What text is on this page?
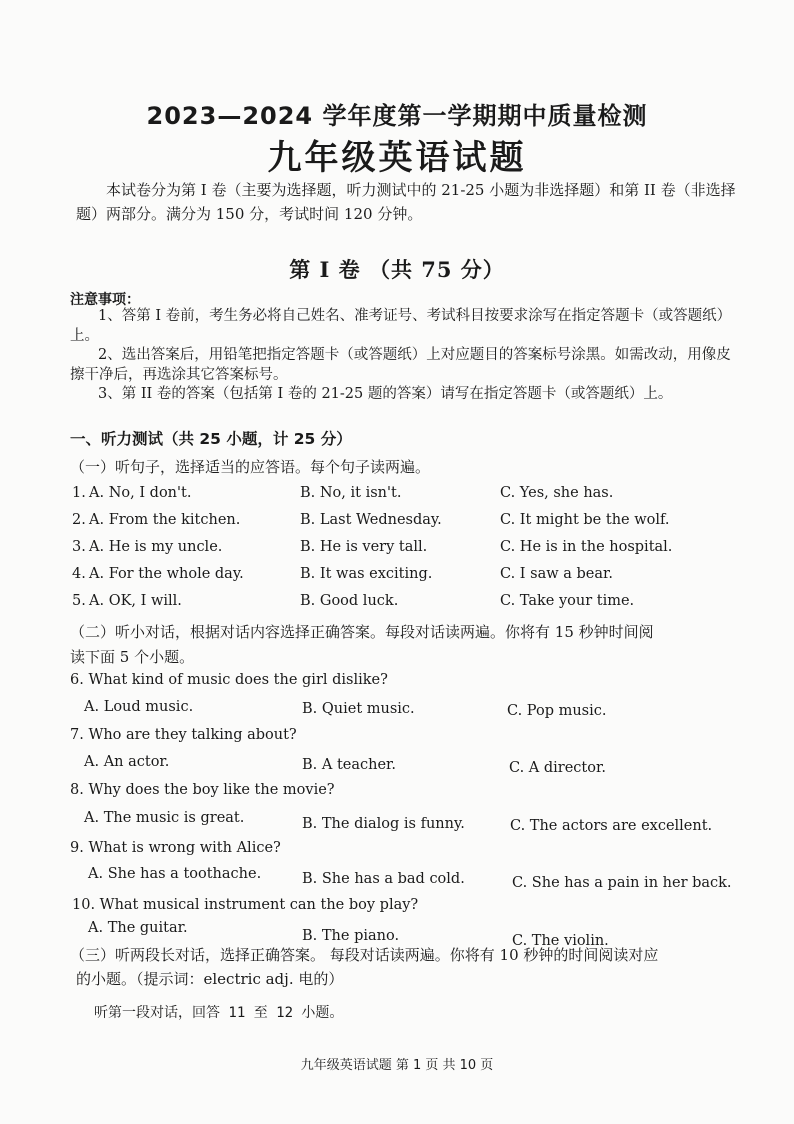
2023—2024 学年度第一学期期中质量检测
九年级英语试题
本试卷分为第 I 卷（主要为选择题，听力测试中的 21-25 小题为非选择题）和第 II 卷（非选择题）两部分。满分为 150 分，考试时间 120 分钟。
第 I 卷 （共 75 分）
注意事项：

1、答第 I 卷前，考生务必将自己姓名、准考证号、考试科目按要求涂写在指定答题卡（或答题纸）上。

2、选出答案后，用铅笔把指定答题卡（或答题纸）上对应题目的答案标号涂黑。如需改动，用像皮擦干净后，再选涂其它答案标号。

3、第 II 卷的答案（包括第 I 卷的 21-25 题的答案）请写在指定答题卡（或答题纸）上。

一、听力测试（共 25 小题，计 25 分）
（一）听句子，选择适当的应答语。每个句子读两遍。
1. A. No, I don't.	B. No, it isn't.	C. Yes, she has.
2. A. From the kitchen.	B. Last Wednesday.	C. It might be the wolf.
3. A. He is my uncle.	B. He is very tall.	C. He is in the hospital.
4. A. For the whole day.	B. It was exciting.	C. I saw a bear.
5. A. OK, I will.	B. Good luck.	C. Take your time.
（二）听小对话，根据对话内容选择正确答案。每段对话读两遍。你将有 15 秒钟时间阅
读下面 5 个小题。
6. What kind of music does the girl dislike?
A. Loud music.	B. Quiet music.	C. Pop music.
7. Who are they talking about?
A. An actor.	B. A teacher.	C. A director.
8. Why does the boy like the movie?
A. The music is great.	B. The dialog is funny.	C. The actors are excellent.
9. What is wrong with Alice?
A. She has a toothache.	B. She has a bad cold.	C. She has a pain in her back.
10. What musical instrument can the boy play?
A. The guitar.	B. The piano.	C. The violin.
（三）听两段长对话，选择正确答案。 每段对话读两遍。你将有 10 秒钟的时间阅读对应
的小题。（提示词：electric adj. 电的）
听第一段对话，回答 11 至 12 小题。
九年级英语试题 第 1 页 共 10 页
